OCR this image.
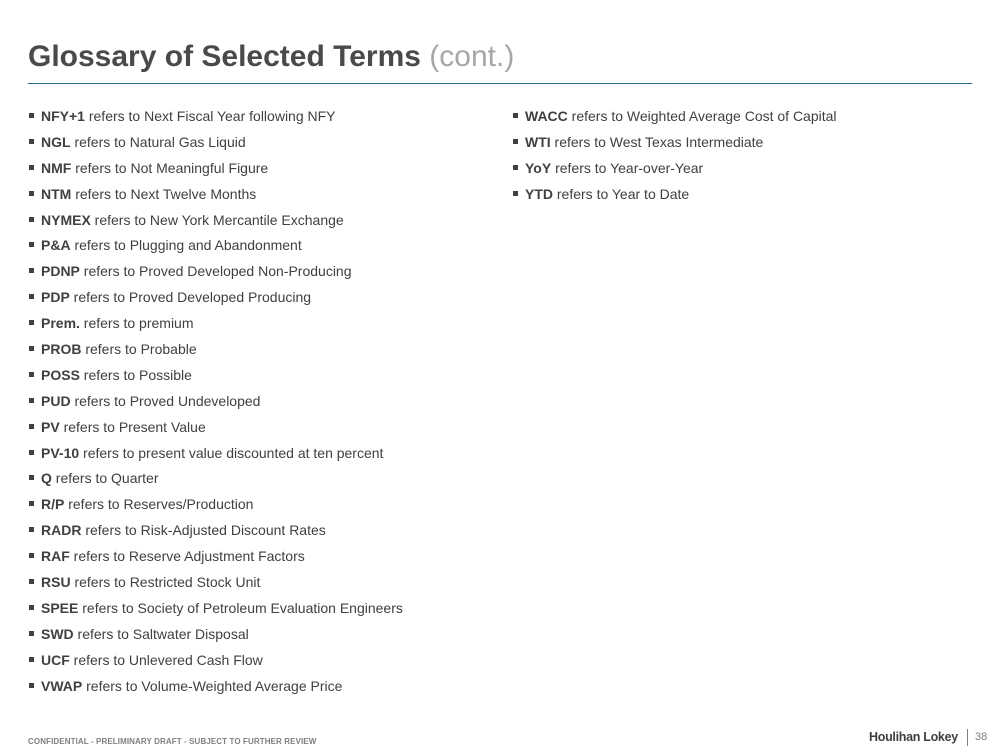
Glossary of Selected Terms (cont.)
NFY+1 refers to Next Fiscal Year following NFY
NGL refers to Natural Gas Liquid
NMF refers to Not Meaningful Figure
NTM refers to Next Twelve Months
NYMEX refers to New York Mercantile Exchange
P&A refers to Plugging and Abandonment
PDNP refers to Proved Developed Non-Producing
PDP refers to Proved Developed Producing
Prem. refers to premium
PROB refers to Probable
POSS refers to Possible
PUD refers to Proved Undeveloped
PV refers to Present Value
PV-10 refers to present value discounted at ten percent
Q refers to Quarter
R/P refers to Reserves/Production
RADR refers to Risk-Adjusted Discount Rates
RAF refers to Reserve Adjustment Factors
RSU refers to Restricted Stock Unit
SPEE refers to Society of Petroleum Evaluation Engineers
SWD refers to Saltwater Disposal
UCF refers to Unlevered Cash Flow
VWAP refers to Volume-Weighted Average Price
WACC refers to Weighted Average Cost of Capital
WTI refers to West Texas Intermediate
YoY refers to Year-over-Year
YTD refers to Year to Date
CONFIDENTIAL - PRELIMINARY DRAFT - SUBJECT TO FURTHER REVIEW	Houlihan Lokey 38
